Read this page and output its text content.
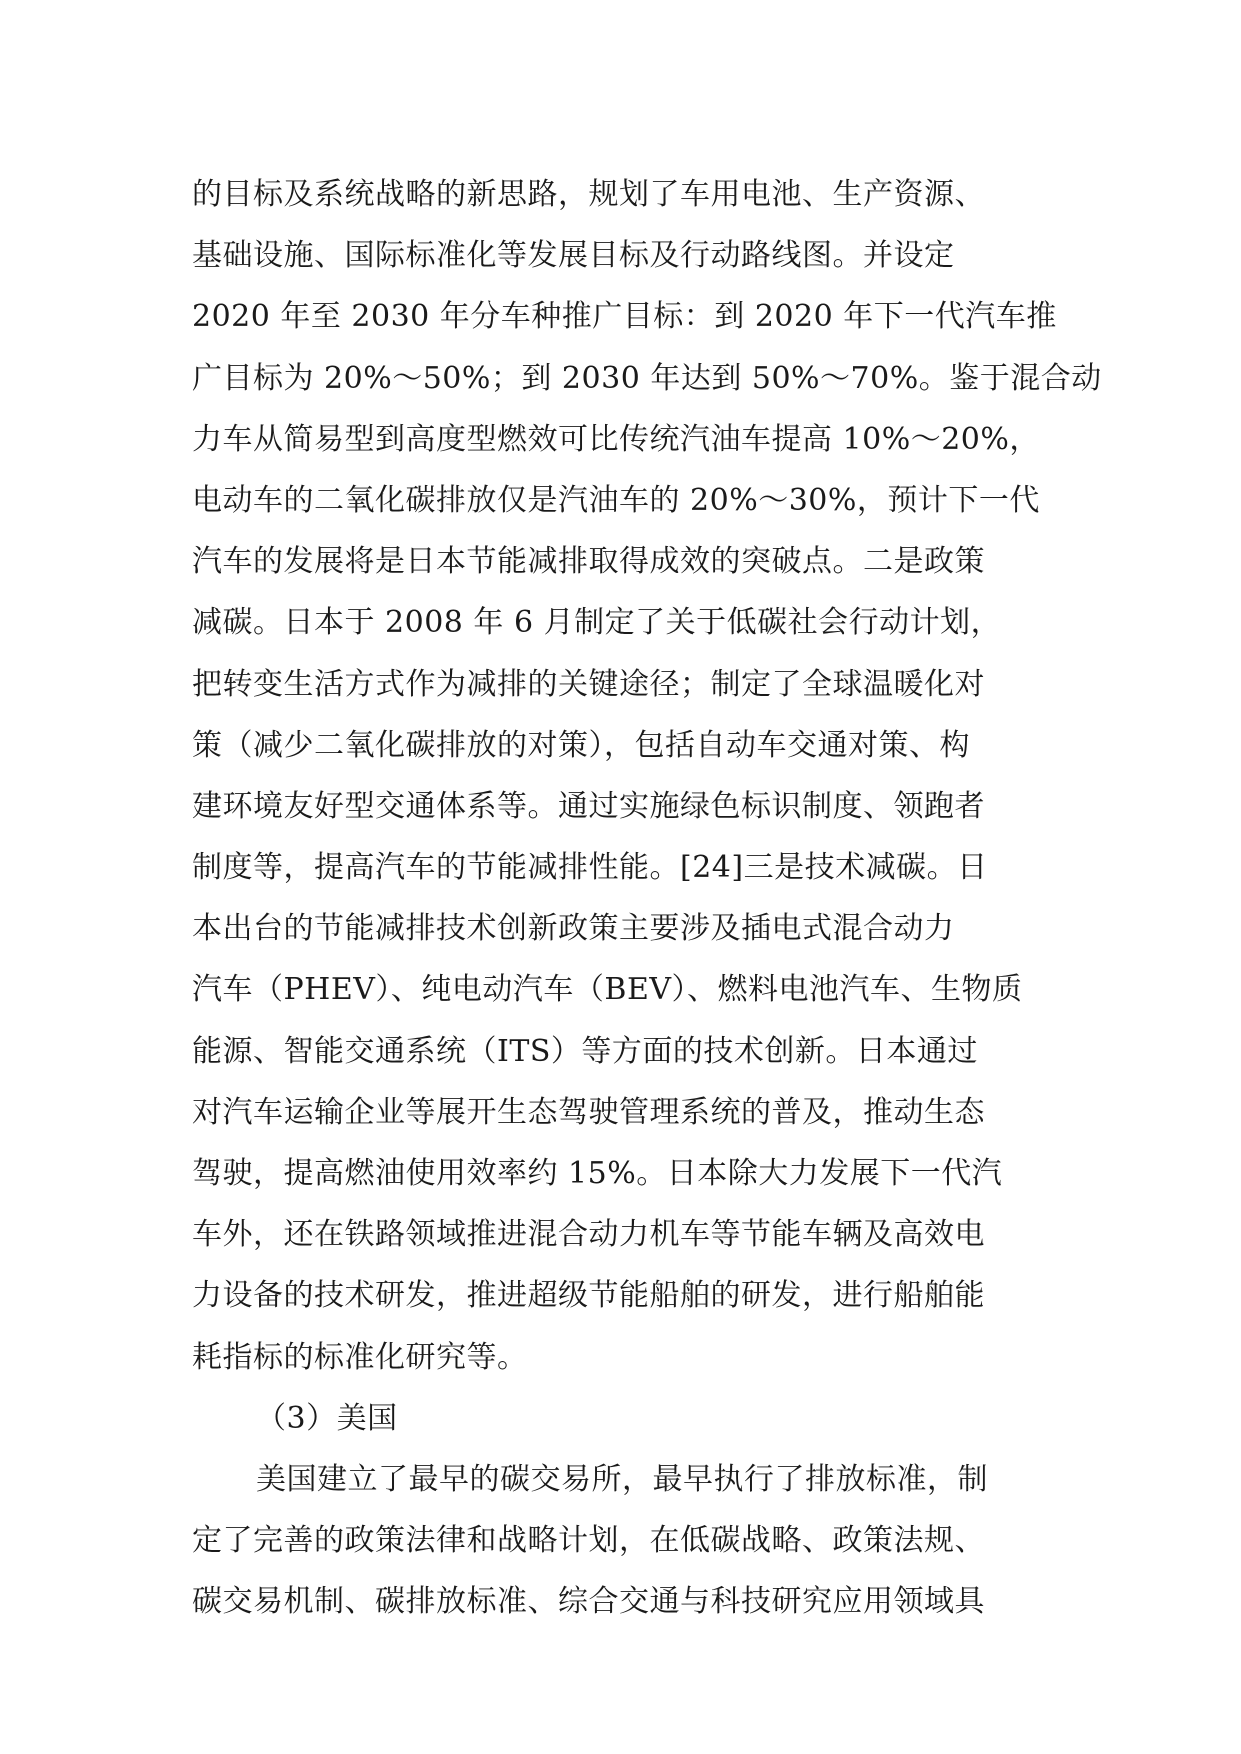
的目标及系统战略的新思路，规划了车用电池、生产资源、
基础设施、国际标准化等发展目标及行动路线图。并设定
2020 年至 2030 年分车种推广目标：到 2020 年下一代汽车推
广目标为 20%～50%；到 2030 年达到 50%～70%。鉴于混合动
力车从简易型到高度型燃效可比传统汽油车提高 10%～20%，
电动车的二氧化碳排放仅是汽油车的 20%～30%，预计下一代
汽车的发展将是日本节能减排取得成效的突破点。二是政策
减碳。日本于 2008 年 6 月制定了关于低碳社会行动计划，
把转变生活方式作为减排的关键途径；制定了全球温暖化对
策（减少二氧化碳排放的对策），包括自动车交通对策、构
建环境友好型交通体系等。通过实施绿色标识制度、领跑者
制度等，提高汽车的节能减排性能。[24]三是技术减碳。日
本出台的节能减排技术创新政策主要涉及插电式混合动力
汽车（PHEV）、纯电动汽车（BEV）、燃料电池汽车、生物质
能源、智能交通系统（ITS）等方面的技术创新。日本通过
对汽车运输企业等展开生态驾驶管理系统的普及，推动生态
驾驶，提高燃油使用效率约 15%。日本除大力发展下一代汽
车外，还在铁路领域推进混合动力机车等节能车辆及高效电
力设备的技术研发，推进超级节能船舶的研发，进行船舶能
耗指标的标准化研究等。
（3）美国
美国建立了最早的碳交易所，最早执行了排放标准，制
定了完善的政策法律和战略计划，在低碳战略、政策法规、
碳交易机制、碳排放标准、综合交通与科技研究应用领域具
